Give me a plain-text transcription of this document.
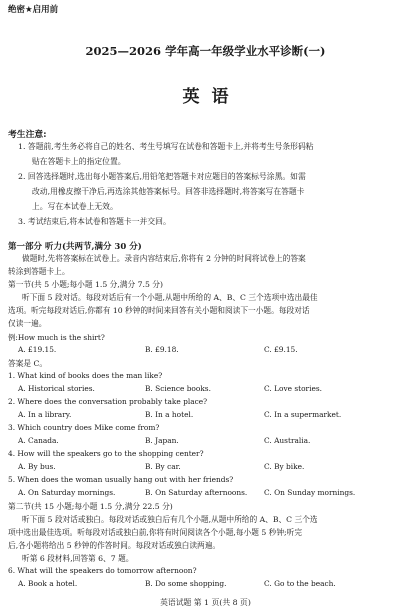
绝密★启用前
2025—2026 学年高一年级学业水平诊断(一)
英语
考生注意:
1. 答题前,考生务必将自己的姓名、考生号填写在试卷和答题卡上,并将考生号条形码粘
贴在答题卡上的指定位置。
2. 回答选择题时,选出每小题答案后,用铅笔把答题卡对应题目的答案标号涂黑。如需
改动,用橡皮擦干净后,再选涂其他答案标号。回答非选择题时,将答案写在答题卡
上。写在本试卷上无效。
3. 考试结束后,将本试卷和答题卡一并交回。
第一部分 听力(共两节,满分 30 分)
做题时,先将答案标在试卷上。录音内容结束后,你将有 2 分钟的时间将试卷上的答案
转涂到答题卡上。
第一节(共 5 小题;每小题 1.5 分,满分 7.5 分)
听下面 5 段对话。每段对话后有一个小题,从题中所给的 A、B、C 三个选项中选出最佳
选项。听完每段对话后,你都有 10 秒钟的时间来回答有关小题和阅读下一小题。每段对话
仅读一遍。
例:How much is the shirt?
A. £19.15.	B. £9.18.	C. £9.15.
答案是 C。
1. What kind of books does the man like?
A. Historical stories.	B. Science books.	C. Love stories.
2. Where does the conversation probably take place?
A. In a library.	B. In a hotel.	C. In a supermarket.
3. Which country does Mike come from?
A. Canada.	B. Japan.	C. Australia.
4. How will the speakers go to the shopping center?
A. By bus.	B. By car.	C. By bike.
5. When does the woman usually hang out with her friends?
A. On Saturday mornings.	B. On Saturday afternoons. C. On Sunday mornings.
第二节(共 15 小题;每小题 1.5 分,满分 22.5 分)
听下面 5 段对话或独白。每段对话或独白后有几个小题,从题中所给的 A、B、C 三个选
项中选出最佳选项。听每段对话或独白前,你将有时间阅读各个小题,每小题 5 秒钟;听完
后,各小题将给出 5 秒钟的作答时间。每段对话或独白读两遍。
听第 6 段材料,回答第 6、7 题。
6. What will the speakers do tomorrow afternoon?
A. Book a hotel.	B. Do some shopping.	C. Go to the beach.
英语试题 第 1 页(共 8 页)
